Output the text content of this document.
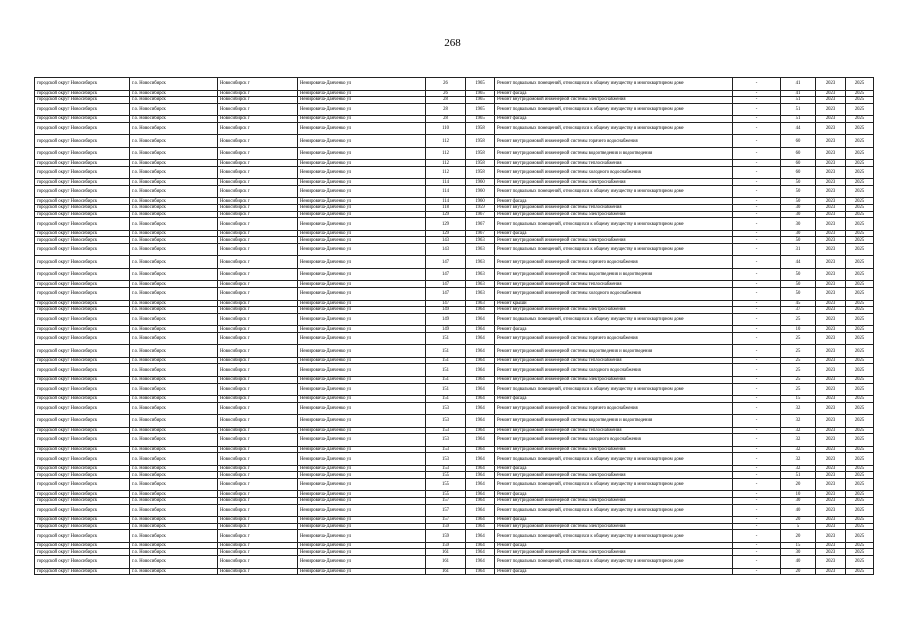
268
городской округ Новосибирск	г.о. Новосибирск	Новосибирск г	Немировича-Данченко ул	26	1965	Ремонт подвальных помещений, относящихся к общему имуществу в многоквартирном доме	-	41	2023	2025
городской округ Новосибирск	г.о. Новосибирск	Новосибирск г	Немировича-Данченко ул	26	1965	Ремонт фасада	-	41	2023	2025
городской округ Новосибирск	г.о. Новосибирск	Новосибирск г	Немировича-Данченко ул	28	1965	Ремонт внутридомовой инженерной системы электроснабжения	-	51	2023	2025
городской округ Новосибирск	г.о. Новосибирск	Новосибирск г	Немировича-Данченко ул	28	1965	Ремонт подвальных помещений, относящихся к общему имуществу в многоквартирном доме	-	51	2023	2025
городской округ Новосибирск	г.о. Новосибирск	Новосибирск г	Немировича-Данченко ул	28	1965	Ремонт фасада	-	51	2023	2025
городской округ Новосибирск	г.о. Новосибирск	Новосибирск г	Немировича-Данченко ул	110	1958	Ремонт подвальных помещений, относящихся к общему имуществу в многоквартирном доме	-	44	2023	2025
городской округ Новосибирск	г.о. Новосибирск	Новосибирск г	Немировича-Данченко ул	112	1958	Ремонт внутридомовой инженерной системы горячего водоснабжения	-	60	2023	2025
городской округ Новосибирск	г.о. Новосибирск	Новосибирск г	Немировича-Данченко ул	112	1958	Ремонт внутридомовой инженерной системы водоотведения и водоотведения	-	60	2023	2025
городской округ Новосибирск	г.о. Новосибирск	Новосибирск г	Немировича-Данченко ул	112	1958	Ремонт внутридомовой инженерной системы теплоснабжения	-	60	2023	2025
городской округ Новосибирск	г.о. Новосибирск	Новосибирск г	Немировича-Данченко ул	112	1958	Ремонт внутридомовой инженерной системы холодного водоснабжения	-	60	2023	2025
городской округ Новосибирск	г.о. Новосибирск	Новосибирск г	Немировича-Данченко ул	114	1960	Ремонт внутридомовой инженерной системы электроснабжения	-	50	2023	2025
городской округ Новосибирск	г.о. Новосибирск	Новосибирск г	Немировича-Данченко ул	114	1960	Ремонт подвальных помещений, относящихся к общему имуществу в многоквартирном доме	-	50	2023	2025
городской округ Новосибирск	г.о. Новосибирск	Новосибирск г	Немировича-Данченко ул	114	1960	Ремонт фасада	-	50	2023	2025
городской округ Новосибирск	г.о. Новосибирск	Новосибирск г	Немировича-Данченко ул	118	1959	Ремонт внутридомовой инженерной системы теплоснабжения	-	30	2023	2025
городской округ Новосибирск	г.о. Новосибирск	Новосибирск г	Немировича-Данченко ул	129	1967	Ремонт внутридомовой инженерной системы электроснабжения	-	30	2023	2025
городской округ Новосибирск	г.о. Новосибирск	Новосибирск г	Немировича-Данченко ул	129	1967	Ремонт подвальных помещений, относящихся к общему имуществу в многоквартирном доме	-	30	2023	2025
городской округ Новосибирск	г.о. Новосибирск	Новосибирск г	Немировича-Данченко ул	129	1967	Ремонт фасада	-	30	2023	2025
городской округ Новосибирск	г.о. Новосибирск	Новосибирск г	Немировича-Данченко ул	143	1963	Ремонт внутридомовой инженерной системы электроснабжения	-	50	2023	2025
городской округ Новосибирск	г.о. Новосибирск	Новосибирск г	Немировича-Данченко ул	143	1963	Ремонт подвальных помещений, относящихся к общему имуществу в многоквартирном доме	-	31	2023	2025
городской округ Новосибирск	г.о. Новосибирск	Новосибирск г	Немировича-Данченко ул	147	1963	Ремонт внутридомовой инженерной системы горячего водоснабжения	-	44	2023	2025
городской округ Новосибирск	г.о. Новосибирск	Новосибирск г	Немировича-Данченко ул	147	1963	Ремонт внутридомовой инженерной системы водоотведения и водоотведения	-	50	2023	2025
городской округ Новосибирск	г.о. Новосибирск	Новосибирск г	Немировича-Данченко ул	147	1963	Ремонт внутридомовой инженерной системы теплоснабжения	-	50	2023	2025
городской округ Новосибирск	г.о. Новосибирск	Новосибирск г	Немировича-Данченко ул	147	1963	Ремонт внутридомовой инженерной системы холодного водоснабжения	-	50	2023	2025
городской округ Новосибирск	г.о. Новосибирск	Новосибирск г	Немировича-Данченко ул	147	1963	Ремонт крыши	-	45	2023	2025
городской округ Новосибирск	г.о. Новосибирск	Новосибирск г	Немировича-Данченко ул	149	1964	Ремонт внутридомовой инженерной системы электроснабжения	-	37	2023	2025
городской округ Новосибирск	г.о. Новосибирск	Новосибирск г	Немировича-Данченко ул	149	1964	Ремонт подвальных помещений, относящихся к общему имуществу в многоквартирном доме	-	25	2023	2025
городской округ Новосибирск	г.о. Новосибирск	Новосибирск г	Немировича-Данченко ул	149	1964	Ремонт фасада	-	10	2023	2025
городской округ Новосибирск	г.о. Новосибирск	Новосибирск г	Немировича-Данченко ул	151	1964	Ремонт внутридомовой инженерной системы горячего водоснабжения	-	25	2023	2025
городской округ Новосибирск	г.о. Новосибирск	Новосибирск г	Немировича-Данченко ул	151	1964	Ремонт внутридомовой инженерной системы водоотведения и водоотведения	-	25	2023	2025
городской округ Новосибирск	г.о. Новосибирск	Новосибирск г	Немировича-Данченко ул	151	1964	Ремонт внутридомовой инженерной системы теплоснабжения	-	25	2023	2025
городской округ Новосибирск	г.о. Новосибирск	Новосибирск г	Немировича-Данченко ул	151	1964	Ремонт внутридомовой инженерной системы холодного водоснабжения	-	25	2023	2025
городской округ Новосибирск	г.о. Новосибирск	Новосибирск г	Немировича-Данченко ул	151	1964	Ремонт внутридомовой инженерной системы электроснабжения	-	25	2023	2025
городской округ Новосибирск	г.о. Новосибирск	Новосибирск г	Немировича-Данченко ул	151	1964	Ремонт подвальных помещений, относящихся к общему имуществу в многоквартирном доме	-	25	2023	2025
городской округ Новосибирск	г.о. Новосибирск	Новосибирск г	Немировича-Данченко ул	151	1964	Ремонт фасада	-	15	2023	2025
городской округ Новосибирск	г.о. Новосибирск	Новосибирск г	Немировича-Данченко ул	153	1964	Ремонт внутридомовой инженерной системы горячего водоснабжения	-	32	2023	2025
городской округ Новосибирск	г.о. Новосибирск	Новосибирск г	Немировича-Данченко ул	153	1964	Ремонт внутридомовой инженерной системы водоотведения и водоотведения	-	32	2023	2025
городской округ Новосибирск	г.о. Новосибирск	Новосибирск г	Немировича-Данченко ул	153	1964	Ремонт внутридомовой инженерной системы теплоснабжения	-	32	2023	2025
городской округ Новосибирск	г.о. Новосибирск	Новосибирск г	Немировича-Данченко ул	153	1964	Ремонт внутридомовой инженерной системы холодного водоснабжения	-	32	2023	2025
городской округ Новосибирск	г.о. Новосибирск	Новосибирск г	Немировича-Данченко ул	153	1964	Ремонт внутридомовой инженерной системы электроснабжения	-	32	2023	2025
городской округ Новосибирск	г.о. Новосибирск	Новосибирск г	Немировича-Данченко ул	153	1964	Ремонт подвальных помещений, относящихся к общему имуществу в многоквартирном доме	-	32	2023	2025
городской округ Новосибирск	г.о. Новосибирск	Новосибирск г	Немировича-Данченко ул	153	1964	Ремонт фасада	-	32	2023	2025
городской округ Новосибирск	г.о. Новосибирск	Новосибирск г	Немировича-Данченко ул	155	1964	Ремонт внутридомовой инженерной системы электроснабжения	-	51	2023	2025
городской округ Новосибирск	г.о. Новосибирск	Новосибирск г	Немировича-Данченко ул	155	1964	Ремонт подвальных помещений, относящихся к общему имуществу в многоквартирном доме	-	20	2023	2025
городской округ Новосибирск	г.о. Новосибирск	Новосибирск г	Немировича-Данченко ул	155	1964	Ремонт фасада	-	10	2023	2025
городской округ Новосибирск	г.о. Новосибирск	Новосибирск г	Немировича-Данченко ул	157	1964	Ремонт внутридомовой инженерной системы электроснабжения	-	30	2023	2025
городской округ Новосибирск	г.о. Новосибирск	Новосибирск г	Немировича-Данченко ул	157	1964	Ремонт подвальных помещений, относящихся к общему имуществу в многоквартирном доме	-	40	2023	2025
городской округ Новосибирск	г.о. Новосибирск	Новосибирск г	Немировича-Данченко ул	157	1964	Ремонт фасада	-	20	2023	2025
городской округ Новосибирск	г.о. Новосибирск	Новосибирск г	Немировича-Данченко ул	159	1964	Ремонт внутридомовой инженерной системы электроснабжения	-	5	2023	2025
городской округ Новосибирск	г.о. Новосибирск	Новосибирск г	Немировича-Данченко ул	159	1964	Ремонт подвальных помещений, относящихся к общему имуществу в многоквартирном доме	-	20	2023	2025
городской округ Новосибирск	г.о. Новосибирск	Новосибирск г	Немировича-Данченко ул	159	1964	Ремонт фасада	-	15	2023	2025
городской округ Новосибирск	г.о. Новосибирск	Новосибирск г	Немировича-Данченко ул	161	1964	Ремонт внутридомовой инженерной системы электроснабжения	-	30	2023	2025
городской округ Новосибирск	г.о. Новосибирск	Новосибирск г	Немировича-Данченко ул	161	1964	Ремонт подвальных помещений, относящихся к общему имуществу в многоквартирном доме	-	40	2023	2025
городской округ Новосибирск	г.о. Новосибирск	Новосибирск г	Немировича-Данченко ул	161	1964	Ремонт фасада	-	20	2023	2025
